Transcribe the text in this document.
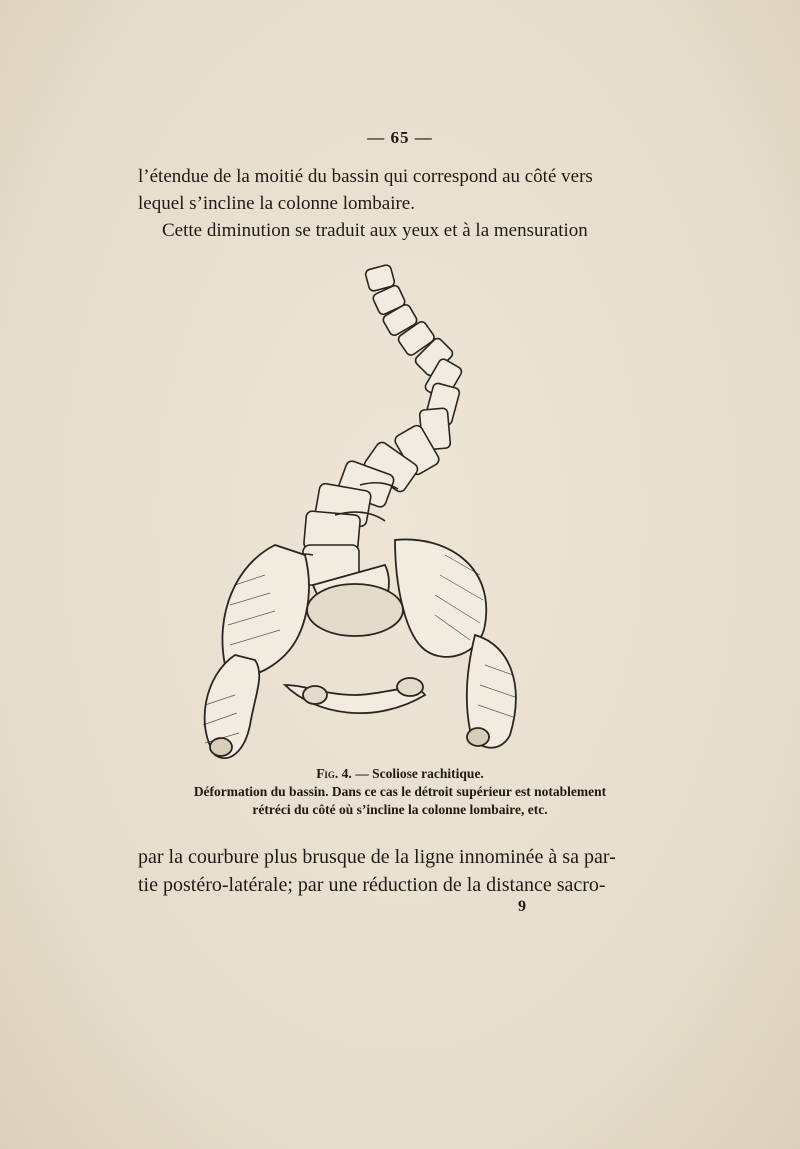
— 65 —
l’étendue de la moitié du bassin qui correspond au côté vers
lequel s’incline la colonne lombaire.
Cette diminution se traduit aux yeux et à la mensuration
Fig. 4. — Scoliose rachitique.
Déformation du bassin. Dans ce cas le détroit supérieur est notablement
rétréci du côté où s’incline la colonne lombaire, etc.
par la courbure plus brusque de la ligne innominée à sa par-
tie postéro-latérale; par une réduction de la distance sacro-
9
